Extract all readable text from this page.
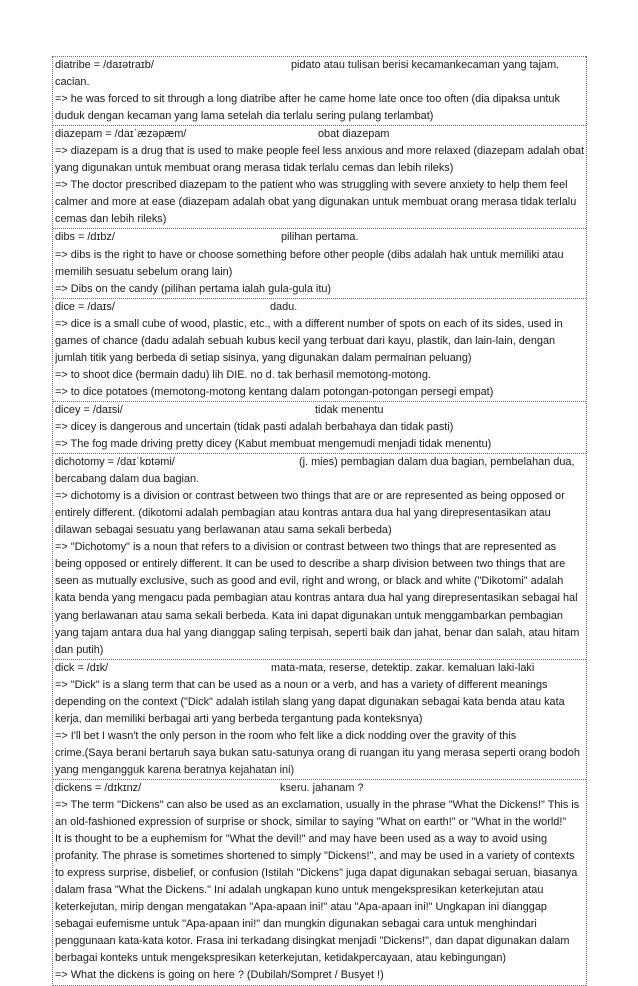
diatribe = /daɪətraɪb/	pidato atau tulisan berisi kecamankecaman yang tajam.
cacian.
=> he was forced to sit through a long diatribe after he came home late once too often (dia dipaksa untuk
duduk dengan kecaman yang lama setelah dia terlalu sering pulang terlambat)
diazepam = /daɪˈæzəpæm/	obat diazepam
=> diazepam is a drug that is used to make people feel less anxious and more relaxed (diazepam adalah obat
yang digunakan untuk membuat orang merasa tidak terlalu cemas dan lebih rileks)
=> The doctor prescribed diazepam to the patient who was struggling with severe anxiety to help them feel
calmer and more at ease (diazepam adalah obat yang digunakan untuk membuat orang merasa tidak terlalu
cemas dan lebih rileks)
dibs = /dɪbz/	pilihan pertama.
=> dibs is the right to have or choose something before other people (dibs adalah hak untuk memiliki atau
memilih sesuatu sebelum orang lain)
=> Dibs on the candy (pilihan pertama ialah gula-gula itu)
dice = /daɪs/	dadu.
=> dice is a small cube of wood, plastic, etc., with a different number of spots on each of its sides, used in
games of chance (dadu adalah sebuah kubus kecil yang terbuat dari kayu, plastik, dan lain-lain, dengan
jumlah titik yang berbeda di setiap sisinya, yang digunakan dalam permainan peluang)
=> to shoot dice (bermain dadu) lih DIE. no d. tak berhasil memotong-motong.
=> to dice potatoes (memotong-motong kentang dalam potongan-potongan persegi empat)
dicey = /daɪsi/	tidak menentu
=> dicey is dangerous and uncertain (tidak pasti adalah berbahaya dan tidak pasti)
=> The fog made driving pretty dicey (Kabut membuat mengemudi menjadi tidak menentu)
dichotomy = /daɪˈkɒtəmi/	(j. mies) pembagian dalam dua bagian, pembelahan dua,
bercabang dalam dua bagian.
=> dichotomy is a division or contrast between two things that are or are represented as being opposed or
entirely different. (dikotomi adalah pembagian atau kontras antara dua hal yang direpresentasikan atau
dilawan sebagai sesuatu yang berlawanan atau sama sekali berbeda)
=> "Dichotomy" is a noun that refers to a division or contrast between two things that are represented as
being opposed or entirely different. It can be used to describe a sharp division between two things that are
seen as mutually exclusive, such as good and evil, right and wrong, or black and white ("Dikotomi" adalah
kata benda yang mengacu pada pembagian atau kontras antara dua hal yang direpresentasikan sebagai hal
yang berlawanan atau sama sekali berbeda. Kata ini dapat digunakan untuk menggambarkan pembagian
yang tajam antara dua hal yang dianggap saling terpisah, seperti baik dan jahat, benar dan salah, atau hitam
dan putih)
dick = /dɪk/	mata-mata, reserse, detektip. zakar. kemaluan laki-laki
=> "Dick" is a slang term that can be used as a noun or a verb, and has a variety of different meanings
depending on the context ("Dick" adalah istilah slang yang dapat digunakan sebagai kata benda atau kata
kerja, dan memiliki berbagai arti yang berbeda tergantung pada konteksnya)
=> I'll bet I wasn't the only person in the room who felt like a dick nodding over the gravity of this
crime.(Saya berani bertaruh saya bukan satu-satunya orang di ruangan itu yang merasa seperti orang bodoh
yang mengangguk karena beratnya kejahatan ini)
dickens = /dɪkɪnz/	kseru. jahanam ?
=> The term "Dickens" can also be used as an exclamation, usually in the phrase "What the Dickens!" This is
an old-fashioned expression of surprise or shock, similar to saying "What on earth!" or "What in the world!"
It is thought to be a euphemism for "What the devil!" and may have been used as a way to avoid using
profanity. The phrase is sometimes shortened to simply "Dickens!", and may be used in a variety of contexts
to express surprise, disbelief, or confusion (Istilah "Dickens" juga dapat digunakan sebagai seruan, biasanya
dalam frasa "What the Dickens." Ini adalah ungkapan kuno untuk mengekspresikan keterkejutan atau
keterkejutan, mirip dengan mengatakan "Apa-apaan ini!" atau "Apa-apaan ini!" Ungkapan ini dianggap
sebagai eufemisme untuk "Apa-apaan ini!" dan mungkin digunakan sebagai cara untuk menghindari
penggunaan kata-kata kotor. Frasa ini terkadang disingkat menjadi "Dickens!", dan dapat digunakan dalam
berbagai konteks untuk mengekspresikan keterkejutan, ketidakpercayaan, atau kebingungan)
=> What the dickens is going on here ? (Dubilah/Sompret / Busyet !)
